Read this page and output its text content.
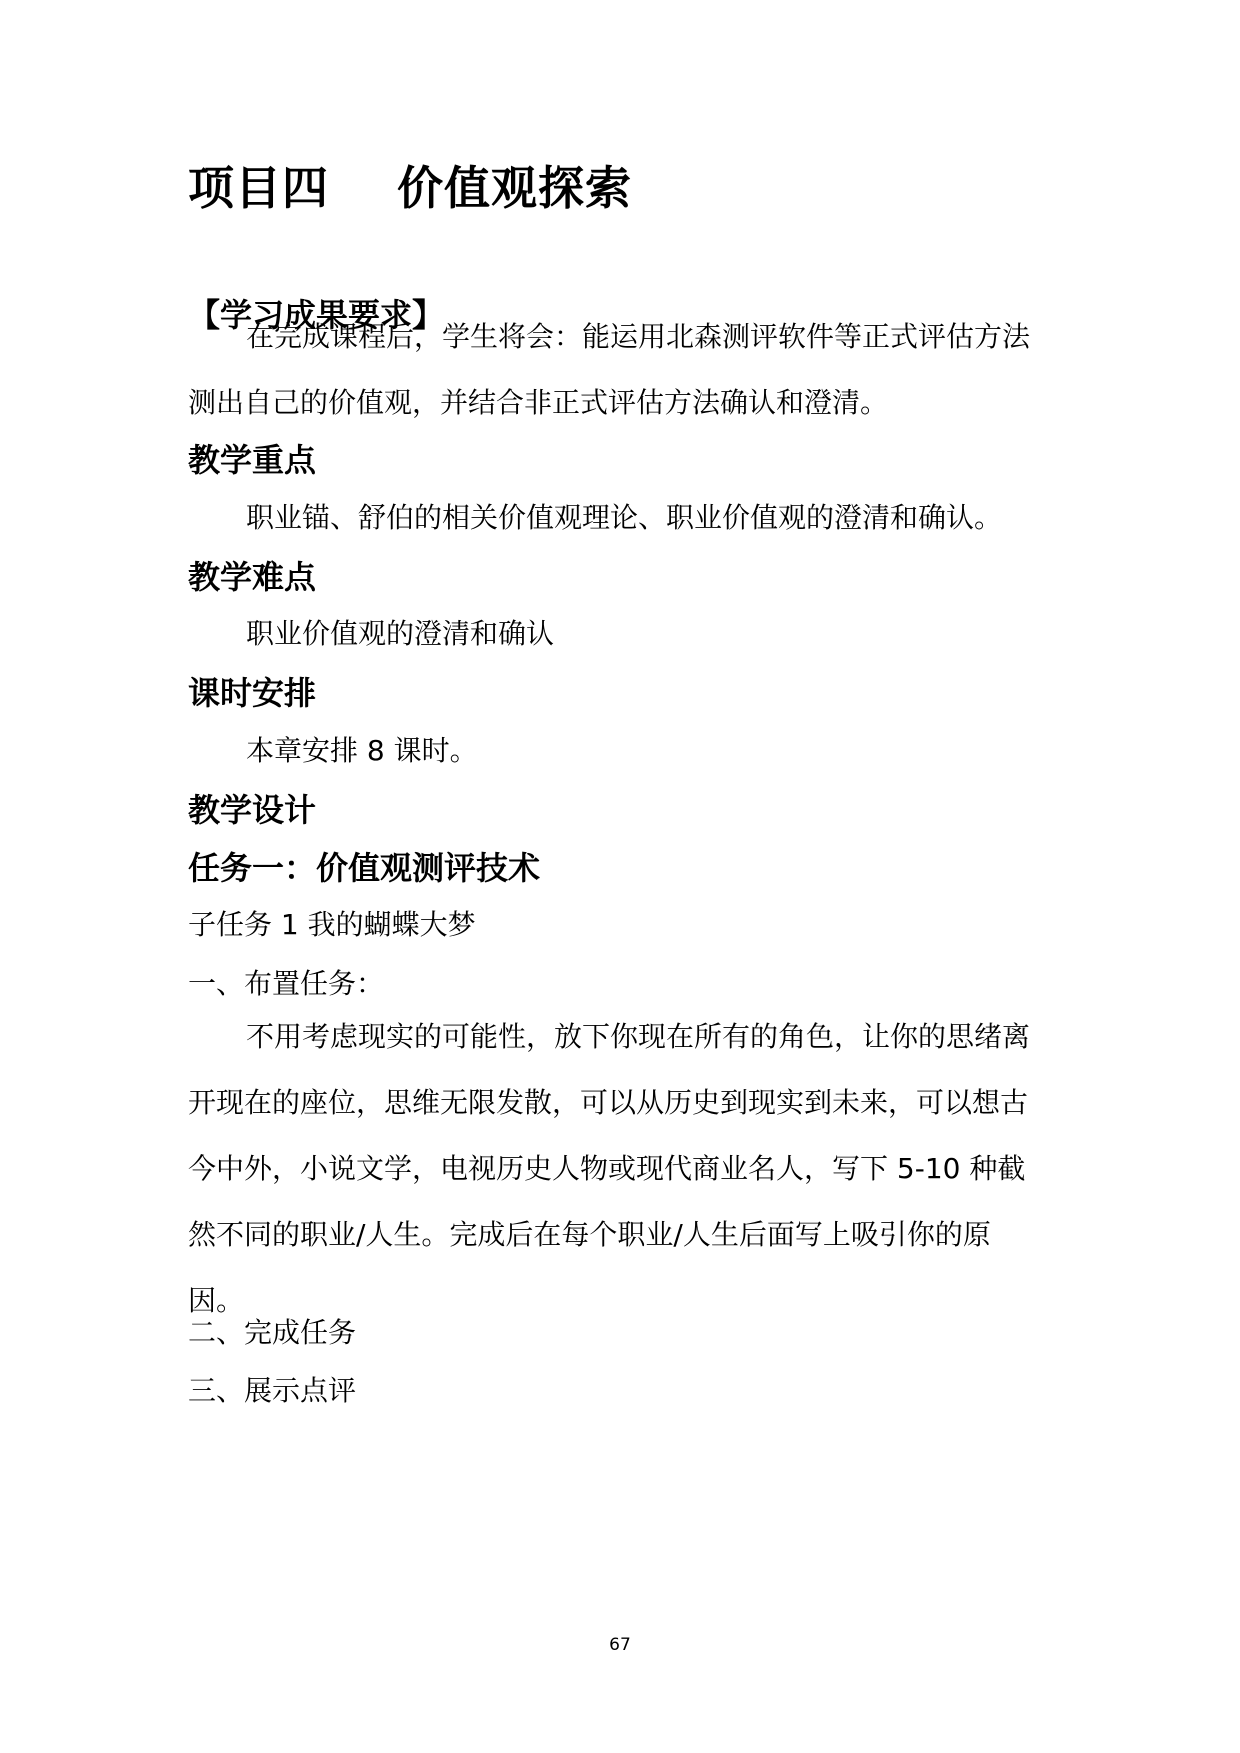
项目四    价值观探索
【学习成果要求】
在完成课程后，学生将会：能运用北森测评软件等正式评估方法
测出自己的价值观，并结合非正式评估方法确认和澄清。
教学重点
职业锚、舒伯的相关价值观理论、职业价值观的澄清和确认。
教学难点
职业价值观的澄清和确认
课时安排
本章安排 8 课时。
教学设计
任务一：价值观测评技术
子任务 1 我的蝴蝶大梦
一、布置任务：
不用考虑现实的可能性，放下你现在所有的角色，让你的思绪离
开现在的座位，思维无限发散，可以从历史到现实到未来，可以想古
今中外，小说文学，电视历史人物或现代商业名人，写下 5-10 种截
然不同的职业/人生。完成后在每个职业/人生后面写上吸引你的原
因。
二、完成任务
三、展示点评
67
